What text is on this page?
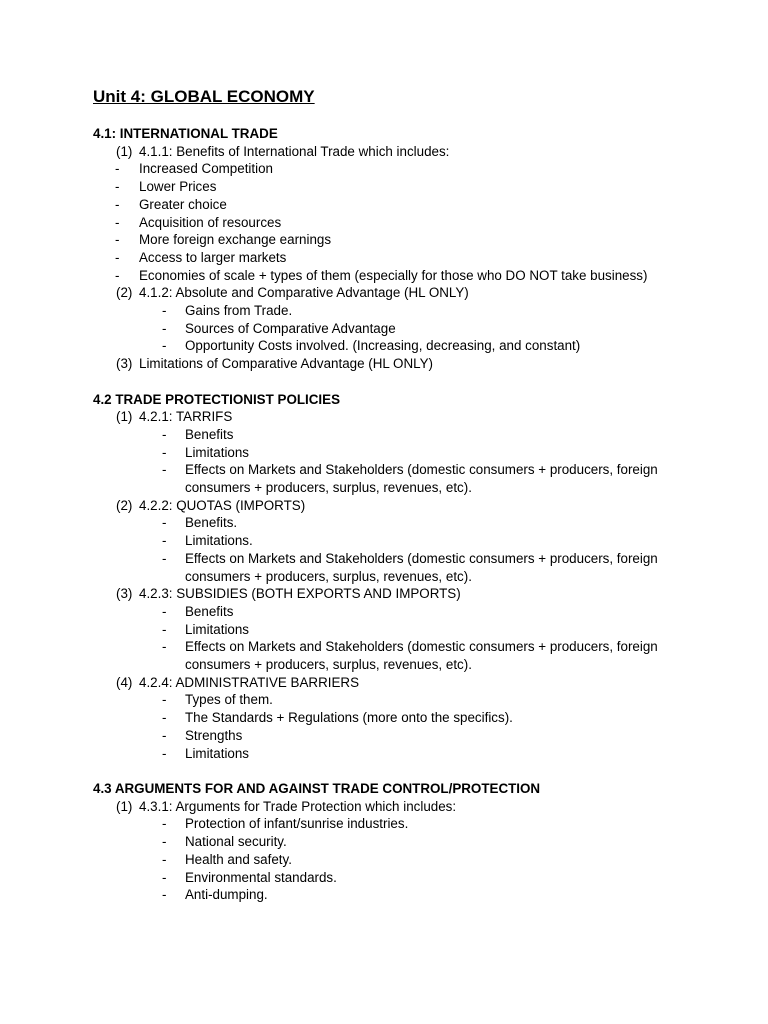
Unit 4: GLOBAL ECONOMY
4.1: INTERNATIONAL TRADE
(1) 4.1.1: Benefits of International Trade which includes:
- Increased Competition
- Lower Prices
- Greater choice
- Acquisition of resources
- More foreign exchange earnings
- Access to larger markets
- Economies of scale + types of them (especially for those who DO NOT take business)
(2) 4.1.2: Absolute and Comparative Advantage (HL ONLY)
- Gains from Trade.
- Sources of Comparative Advantage
- Opportunity Costs involved. (Increasing, decreasing, and constant)
(3) Limitations of Comparative Advantage (HL ONLY)
4.2 TRADE PROTECTIONIST POLICIES
(1) 4.2.1: TARRIFS
- Benefits
- Limitations
- Effects on Markets and Stakeholders (domestic consumers + producers, foreign consumers + producers, surplus, revenues, etc).
(2) 4.2.2: QUOTAS (IMPORTS)
- Benefits.
- Limitations.
- Effects on Markets and Stakeholders (domestic consumers + producers, foreign consumers + producers, surplus, revenues, etc).
(3) 4.2.3: SUBSIDIES (BOTH EXPORTS AND IMPORTS)
- Benefits
- Limitations
- Effects on Markets and Stakeholders (domestic consumers + producers, foreign consumers + producers, surplus, revenues, etc).
(4) 4.2.4: ADMINISTRATIVE BARRIERS
- Types of them.
- The Standards + Regulations (more onto the specifics).
- Strengths
- Limitations
4.3 ARGUMENTS FOR AND AGAINST TRADE CONTROL/PROTECTION
(1) 4.3.1: Arguments for Trade Protection which includes:
- Protection of infant/sunrise industries.
- National security.
- Health and safety.
- Environmental standards.
- Anti-dumping.
